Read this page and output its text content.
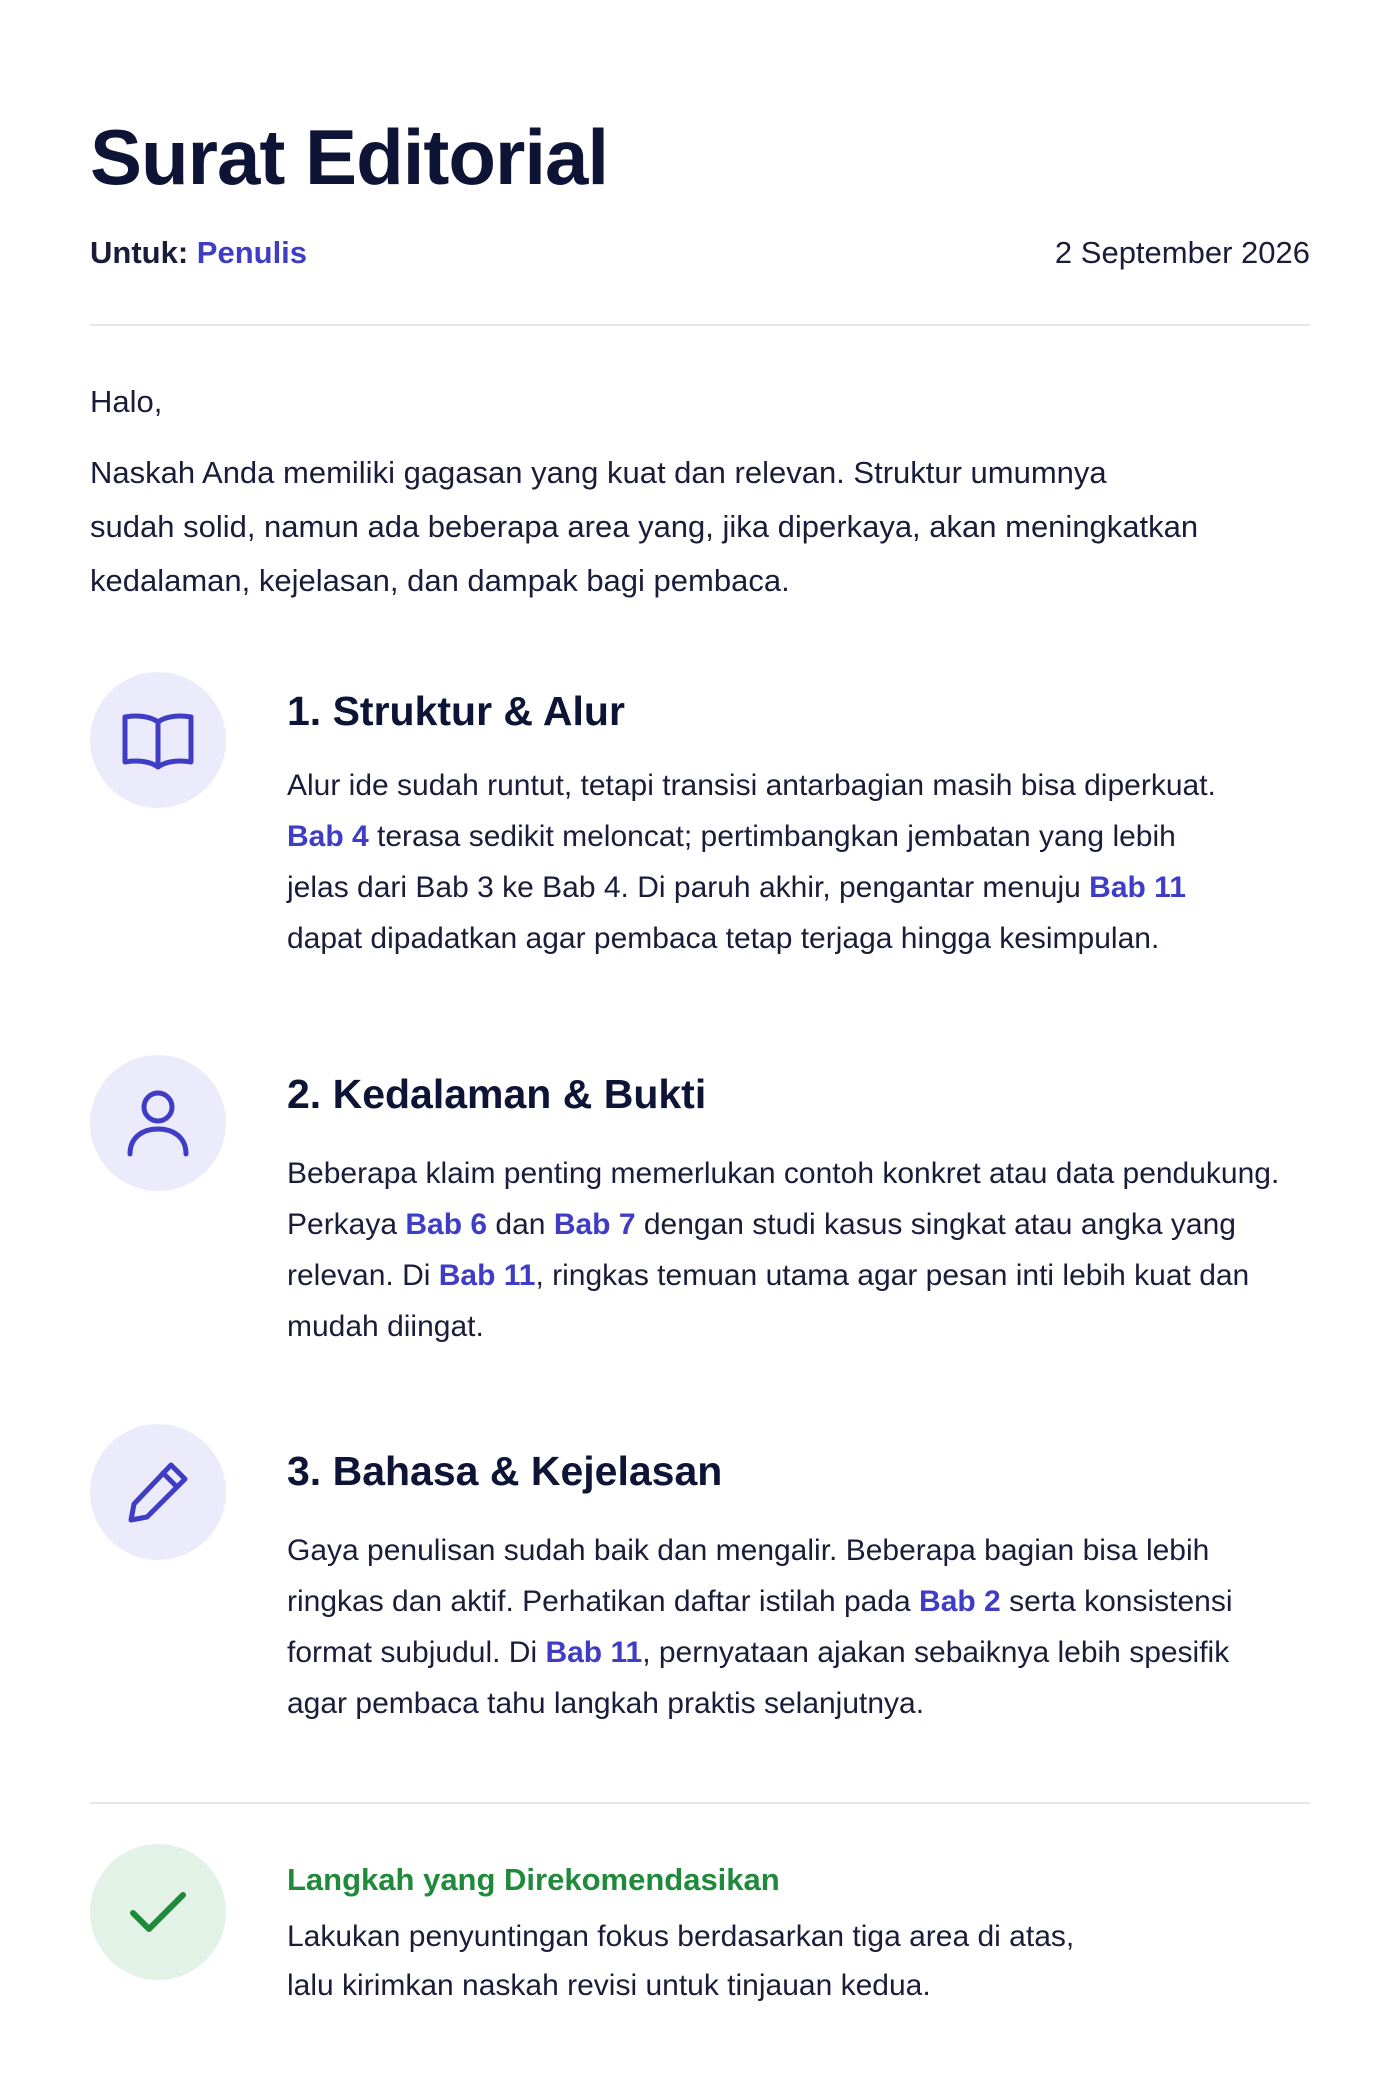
Surat Editorial
Untuk: Penulis	2 September 2026
Halo,

Naskah Anda memiliki gagasan yang kuat dan relevan. Struktur umumnya
sudah solid, namun ada beberapa area yang, jika diperkaya, akan meningkatkan
kedalaman, kejelasan, dan dampak bagi pembaca.

1. Struktur & Alur

Alur ide sudah runtut, tetapi transisi antarbagian masih bisa diperkuat.
Bab 4 terasa sedikit meloncat; pertimbangkan jembatan yang lebih
jelas dari Bab 3 ke Bab 4. Di paruh akhir, pengantar menuju Bab 11
dapat dipadatkan agar pembaca tetap terjaga hingga kesimpulan.

2. Kedalaman & Bukti

Beberapa klaim penting memerlukan contoh konkret atau data pendukung.
Perkaya Bab 6 dan Bab 7 dengan studi kasus singkat atau angka yang
relevan. Di Bab 11, ringkas temuan utama agar pesan inti lebih kuat dan
mudah diingat.

3. Bahasa & Kejelasan

Gaya penulisan sudah baik dan mengalir. Beberapa bagian bisa lebih
ringkas dan aktif. Perhatikan daftar istilah pada Bab 2 serta konsistensi
format subjudul. Di Bab 11, pernyataan ajakan sebaiknya lebih spesifik
agar pembaca tahu langkah praktis selanjutnya.

Langkah yang Direkomendasikan

Lakukan penyuntingan fokus berdasarkan tiga area di atas,
lalu kirimkan naskah revisi untuk tinjauan kedua.
